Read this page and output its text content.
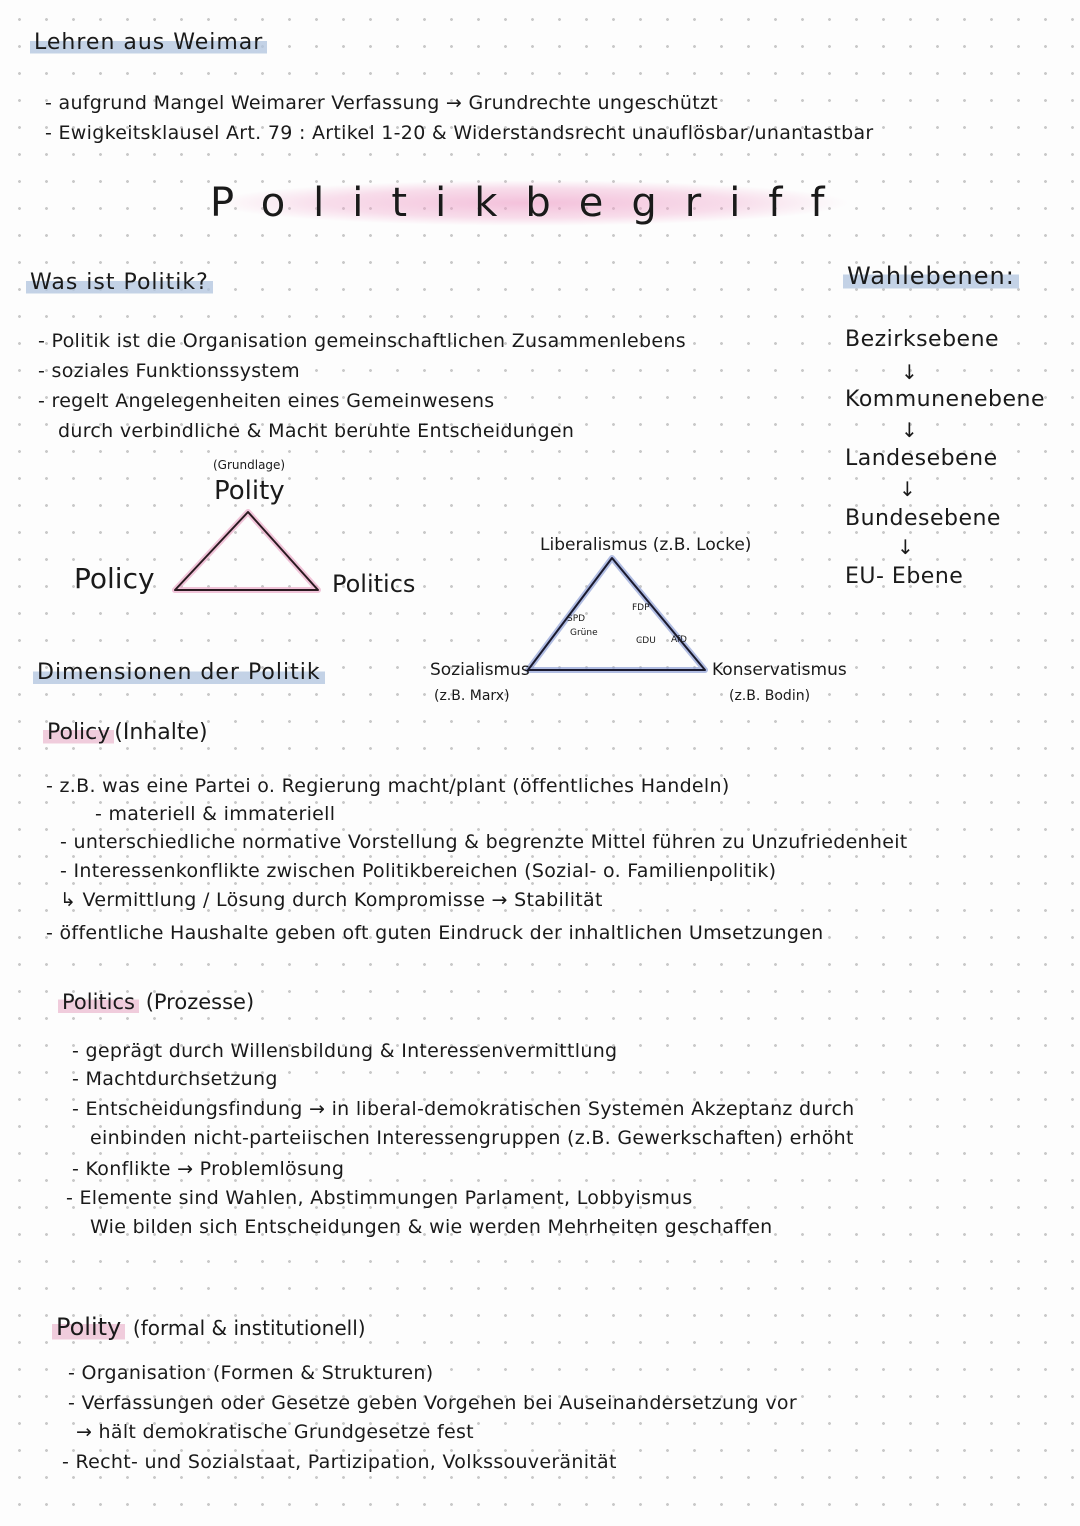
Lehren aus Weimar
- aufgrund Mangel Weimarer Verfassung → Grundrechte ungeschützt
- Ewigkeitsklausel Art. 79 : Artikel 1-20 & Widerstandsrecht unauflösbar/unantastbar
Politikbegriff
Was ist Politik?
- Politik ist die Organisation gemeinschaftlichen Zusammenlebens
- soziales Funktionssystem
- regelt Angelegenheiten eines Gemeinwesens
durch verbindliche & Macht beruhte Entscheidungen
Wahlebenen:
Bezirksebene
↓
Kommunenebene
↓
Landesebene
↓
Bundesebene
↓
EU- Ebene
(Grundlage)
Polity
Policy	Politics
Liberalismus (z.B. Locke)
Sozialismus
(z.B. Marx)
Konservatismus
(z.B. Bodin)
SPD
Grüne
FDP
CDU AfD
Dimensionen der Politik
Policy (Inhalte)
- z.B. was eine Partei o. Regierung macht/plant (öffentliches Handeln)
- materiell & immateriell
- unterschiedliche normative Vorstellung & begrenzte Mittel führen zu Unzufriedenheit
- Interessenkonflikte zwischen Politikbereichen (Sozial- o. Familienpolitik)
↳ Vermittlung / Lösung durch Kompromisse → Stabilität
- öffentliche Haushalte geben oft guten Eindruck der inhaltlichen Umsetzungen
Politics (Prozesse)
- geprägt durch Willensbildung & Interessenvermittlung
- Machtdurchsetzung
- Entscheidungsfindung → in liberal-demokratischen Systemen Akzeptanz durch
einbinden nicht-parteiischen Interessengruppen (z.B. Gewerkschaften) erhöht
- Konflikte → Problemlösung
- Elemente sind Wahlen, Abstimmungen Parlament, Lobbyismus
Wie bilden sich Entscheidungen & wie werden Mehrheiten geschaffen
Polity (formal & institutionell)
- Organisation (Formen & Strukturen)
- Verfassungen oder Gesetze geben Vorgehen bei Auseinandersetzung vor
→ hält demokratische Grundgesetze fest
- Recht- und Sozialstaat, Partizipation, Volkssouveränität
